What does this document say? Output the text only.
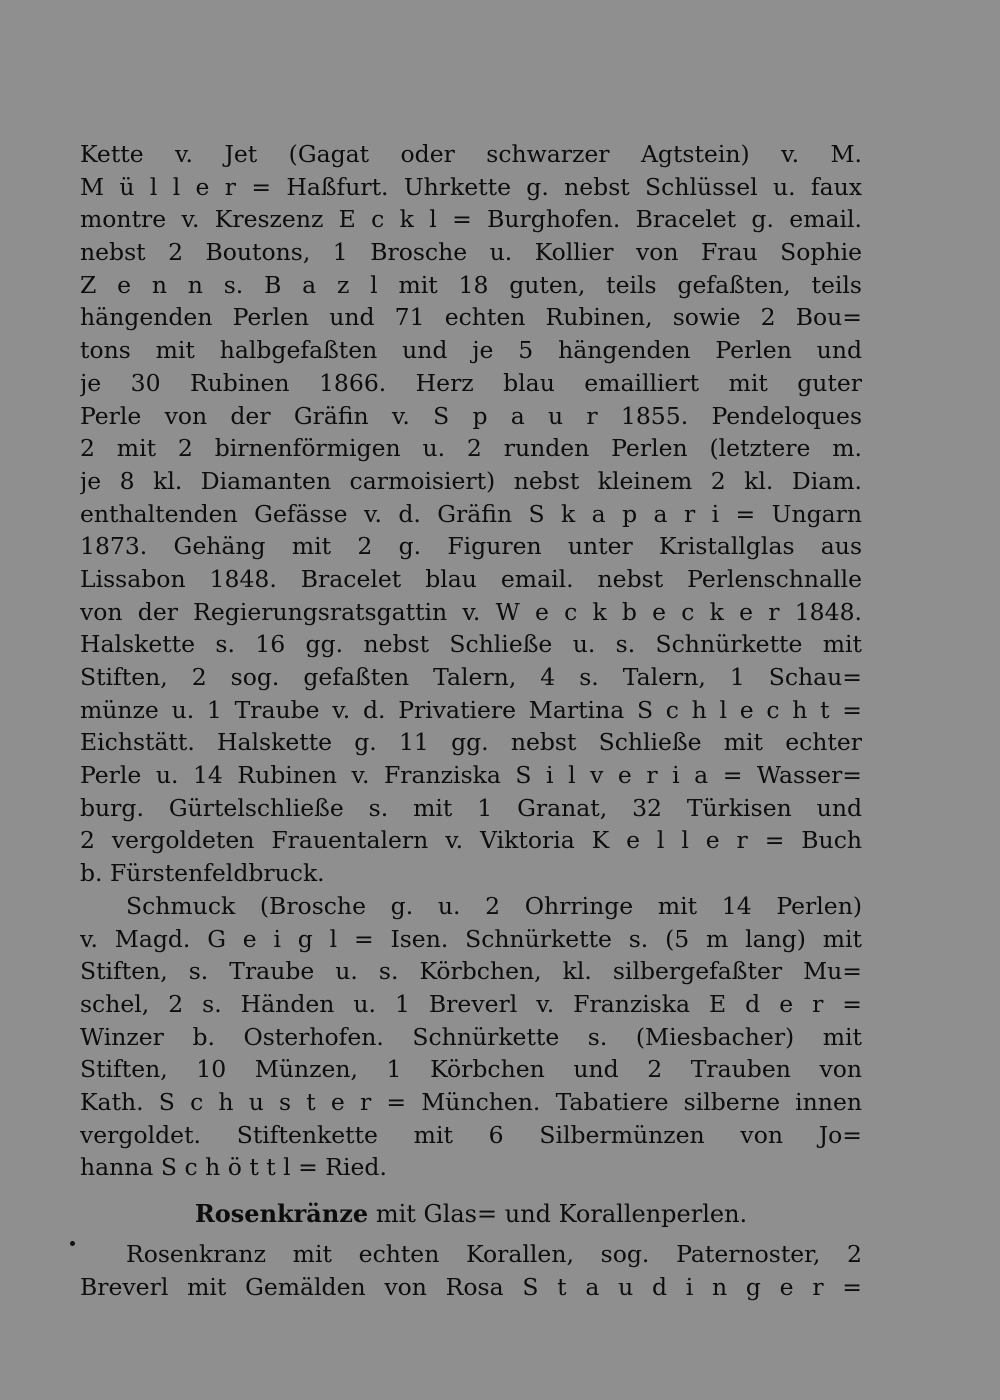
Kette v. Jet (Gagat oder schwarzer Agtstein) v. M.
M ü l l e r = Haßfurt. Uhrkette g. nebst Schlüssel u. faux
montre v. Kreszenz E c k l = Burghofen. Bracelet g. email.
nebst 2 Boutons, 1 Brosche u. Kollier von Frau Sophie
Z e n n s. B a z l mit 18 guten, teils gefaßten, teils
hängenden Perlen und 71 echten Rubinen, sowie 2 Bou=
tons mit halbgefaßten und je 5 hängenden Perlen und
je 30 Rubinen 1866. Herz blau emailliert mit guter
Perle von der Gräfin v. S p a u r 1855. Pendeloques
2 mit 2 birnenförmigen u. 2 runden Perlen (letztere m.
je 8 kl. Diamanten carmoisiert) nebst kleinem 2 kl. Diam.
enthaltenden Gefässe v. d. Gräfin S k a p a r i = Ungarn
1873. Gehäng mit 2 g. Figuren unter Kristallglas aus
Lissabon 1848. Bracelet blau email. nebst Perlenschnalle
von der Regierungsratsgattin v. W e c k b e c k e r 1848.
Halskette s. 16 gg. nebst Schließe u. s. Schnürkette mit
Stiften, 2 sog. gefaßten Talern, 4 s. Talern, 1 Schau=
münze u. 1 Traube v. d. Privatiere Martina S c h l e c h t =
Eichstätt. Halskette g. 11 gg. nebst Schließe mit echter
Perle u. 14 Rubinen v. Franziska S i l v e r i a = Wasser=
burg. Gürtelschließe s. mit 1 Granat, 32 Türkisen und
2 vergoldeten Frauentalern v. Viktoria K e l l e r = Buch
b. Fürstenfeldbruck.
Schmuck (Brosche g. u. 2 Ohrringe mit 14 Perlen)
v. Magd. G e i g l = Isen. Schnürkette s. (5 m lang) mit
Stiften, s. Traube u. s. Körbchen, kl. silbergefaßter Mu=
schel, 2 s. Händen u. 1 Breverl v. Franziska E d e r =
Winzer b. Osterhofen. Schnürkette s. (Miesbacher) mit
Stiften, 10 Münzen, 1 Körbchen und 2 Trauben von
Kath. S c h u s t e r = München. Tabatiere silberne innen
vergoldet. Stiftenkette mit 6 Silbermünzen von Jo=
hanna S c h ö t t l = Ried.
Rosenkränze mit Glas= und Korallenperlen.
Rosenkranz mit echten Korallen, sog. Paternoster, 2
Breverl mit Gemälden von Rosa S t a u d i n g e r =
